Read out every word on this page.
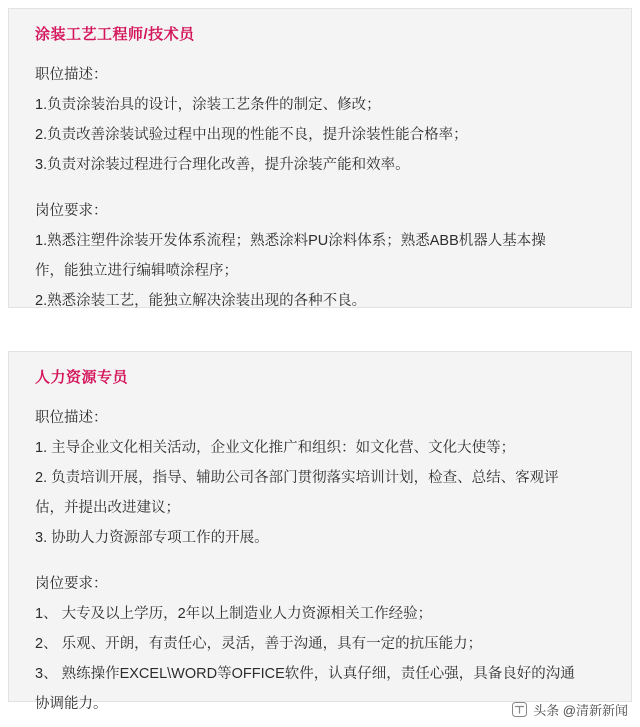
涂装工艺工程师/技术员
职位描述：
1.负责涂装治具的设计，涂装工艺条件的制定、修改；
2.负责改善涂装试验过程中出现的性能不良，提升涂装性能合格率；
3.负责对涂装过程进行合理化改善，提升涂装产能和效率。
岗位要求：
1.熟悉注塑件涂装开发体系流程；熟悉涂料PU涂料体系；熟悉ABB机器人基本操
作，能独立进行编辑喷涂程序；
2.熟悉涂装工艺，能独立解决涂装出现的各种不良。
人力资源专员
职位描述：
1. 主导企业文化相关活动，企业文化推广和组织：如文化营、文化大使等；
2. 负责培训开展，指导、辅助公司各部门贯彻落实培训计划，检查、总结、客观评
估，并提出改进建议；
3. 协助人力资源部专项工作的开展。
岗位要求：
1、 大专及以上学历，2年以上制造业人力资源相关工作经验；
2、 乐观、开朗，有责任心，灵活，善于沟通，具有一定的抗压能力；
3、 熟练操作EXCEL\WORD等OFFICE软件，认真仔细，责任心强，具备良好的沟通
协调能力。	头条 @清新新闻
